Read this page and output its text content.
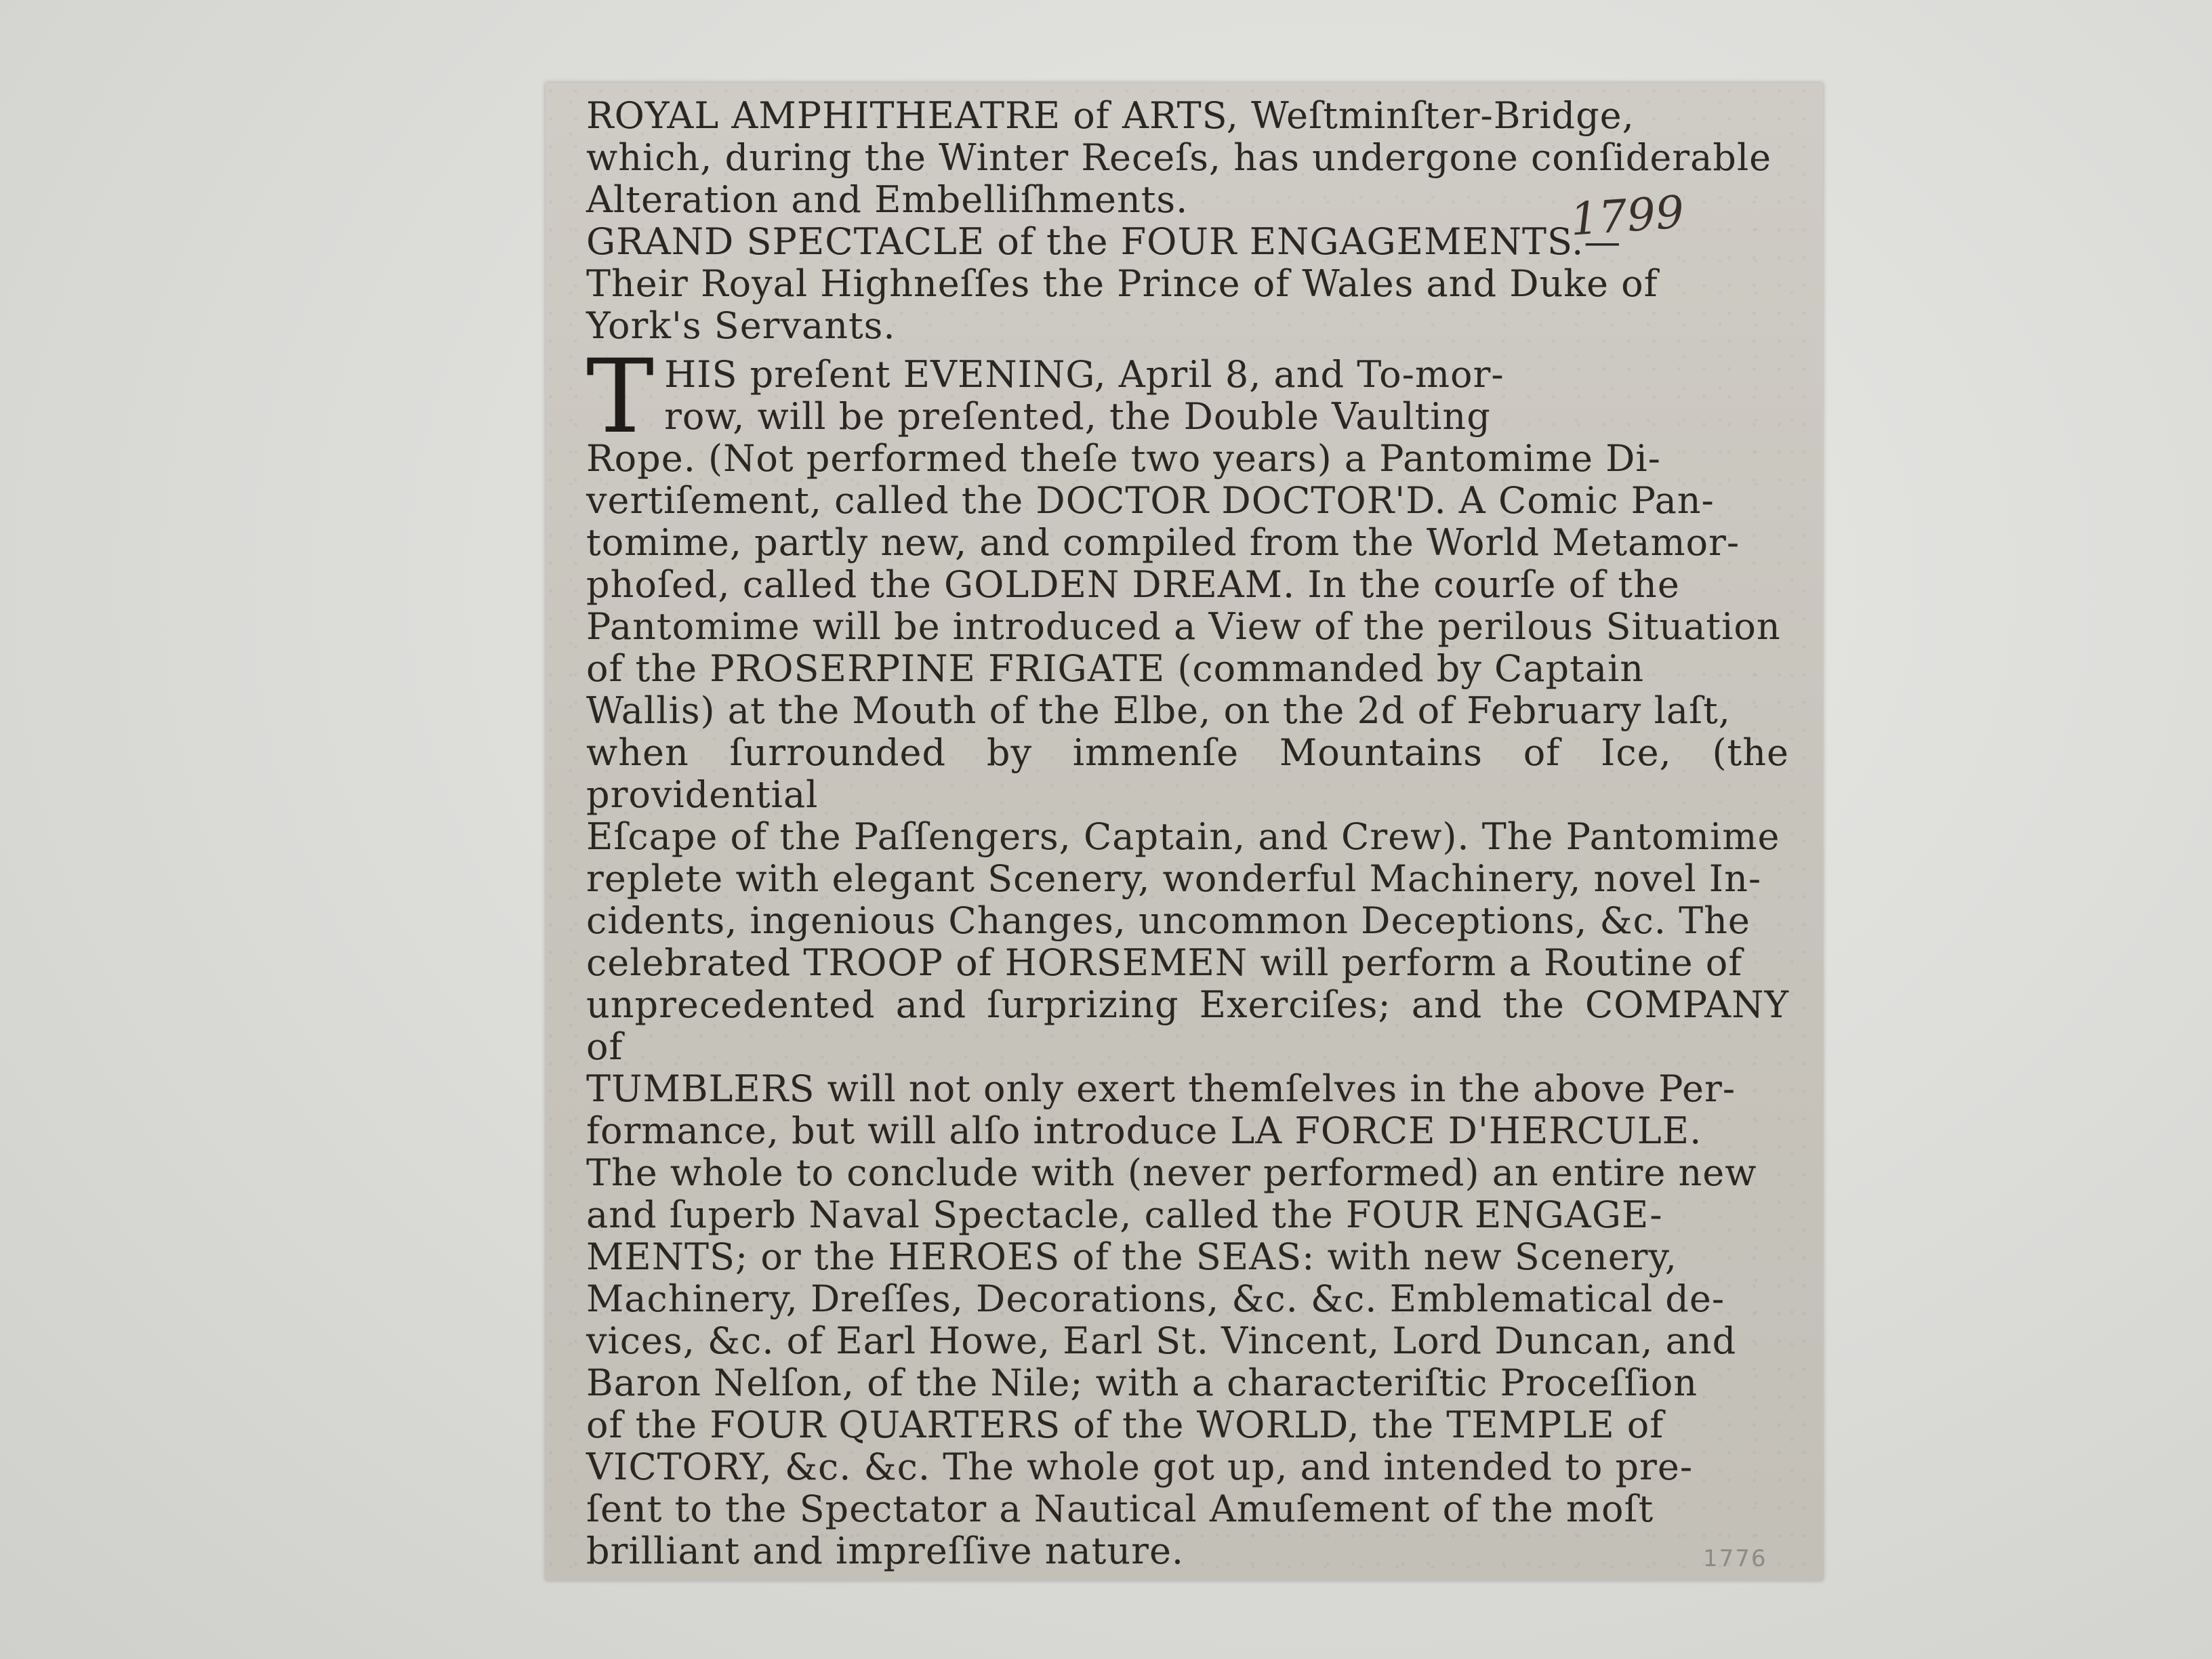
ROYAL AMPHITHEATRE of ARTS, Weſtminſter-Bridge,

which, during the Winter Receſs, has undergone conſiderable
Alteration and Embelliſhments.

GRAND SPECTACLE of the FOUR ENGAGEMENTS.—

Their Royal Highneſſes the Prince of Wales and Duke of
York's Servants.

T HIS preſent EVENING, April 8, and To-mor-
row, will be preſented, the Double Vaulting
Rope. (Not performed theſe two years) a Pantomime Di-
vertiſement, called the DOCTOR DOCTOR'D. A Comic Pan-
tomime, partly new, and compiled from the World Metamor-
phoſed, called the GOLDEN DREAM. In the courſe of the
Pantomime will be introduced a View of the perilous Situation
of the PROSERPINE FRIGATE (commanded by Captain
Wallis) at the Mouth of the Elbe, on the 2d of February laſt,
when ſurrounded by immenſe Mountains of Ice, (the providential
Eſcape of the Paſſengers, Captain, and Crew). The Pantomime
replete with elegant Scenery, wonderful Machinery, novel In-
cidents, ingenious Changes, uncommon Deceptions, &c. The
celebrated TROOP of HORSEMEN will perform a Routine of
unprecedented and ſurprizing Exerciſes; and the COMPANY of
TUMBLERS will not only exert themſelves in the above Per-
formance, but will alſo introduce LA FORCE D'HERCULE.
The whole to conclude with (never performed) an entire new
and ſuperb Naval Spectacle, called the FOUR ENGAGE-
MENTS; or the HEROES of the SEAS: with new Scenery,
Machinery, Dreſſes, Decorations, &c. &c. Emblematical de-
vices, &c. of Earl Howe, Earl St. Vincent, Lord Duncan, and
Baron Nelſon, of the Nile; with a characteriſtic Proceſſion
of the FOUR QUARTERS of the WORLD, the TEMPLE of
VICTORY, &c. &c. The whole got up, and intended to pre-
ſent to the Spectator a Nautical Amuſement of the moſt
brilliant and impreſſive nature.
1799
1776
